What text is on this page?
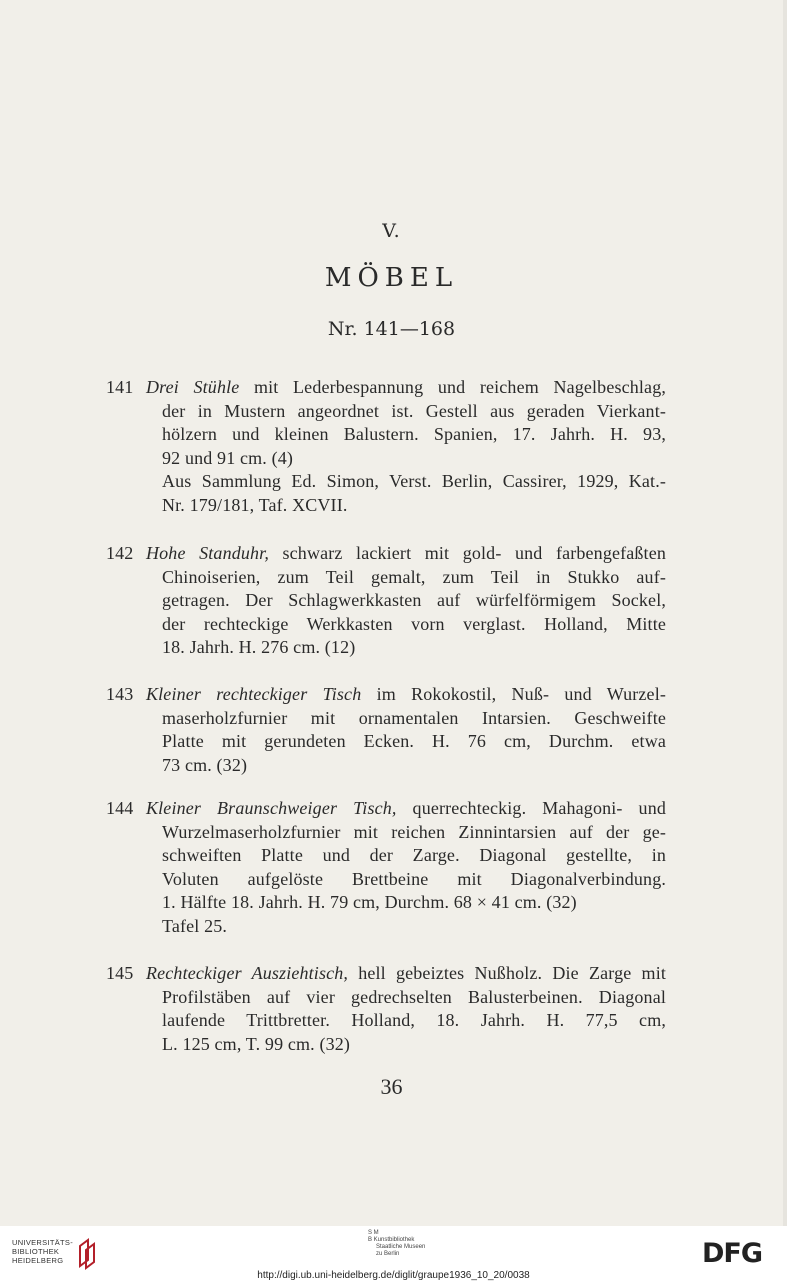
V.
MÖBEL
Nr. 141—168
141 Drei Stühle mit Lederbespannung und reichem Nagelbeschlag,
der in Mustern angeordnet ist. Gestell aus geraden Vierkant-
hölzern und kleinen Balustern. Spanien, 17. Jahrh. H. 93,
92 und 91 cm. (4)
Aus Sammlung Ed. Simon, Verst. Berlin, Cassirer, 1929, Kat.-
Nr. 179/181, Taf. XCVII.
142 Hohe Standuhr, schwarz lackiert mit gold- und farbengefaßten
Chinoiserien, zum Teil gemalt, zum Teil in Stukko auf-
getragen. Der Schlagwerkkasten auf würfelförmigem Sockel,
der rechteckige Werkkasten vorn verglast. Holland, Mitte
18. Jahrh. H. 276 cm. (12)
143 Kleiner rechteckiger Tisch im Rokokostil, Nuß- und Wurzel-
maserholzfurnier mit ornamentalen Intarsien. Geschweifte
Platte mit gerundeten Ecken. H. 76 cm, Durchm. etwa
73 cm. (32)
144 Kleiner Braunschweiger Tisch, querrechteckig. Mahagoni- und
Wurzelmaserholzfurnier mit reichen Zinnintarsien auf der ge-
schweiften Platte und der Zarge. Diagonal gestellte, in
Voluten aufgelöste Brettbeine mit Diagonalverbindung.
1. Hälfte 18. Jahrh. H. 79 cm, Durchm. 68 × 41 cm. (32)
Tafel 25.
145 Rechteckiger Ausziehtisch, hell gebeiztes Nußholz. Die Zarge mit
Profilstäben auf vier gedrechselten Balusterbeinen. Diagonal
laufende Trittbretter. Holland, 18. Jahrh. H. 77,5 cm,
L. 125 cm, T. 99 cm. (32)
36
UNIVERSITÄTS-
BIBLIOTHEK
HEIDELBERG
S M
B Kunstbibliothek
Staatliche Museen
zu Berlin	DFG
http://digi.ub.uni-heidelberg.de/diglit/graupe1936_10_20/0038
